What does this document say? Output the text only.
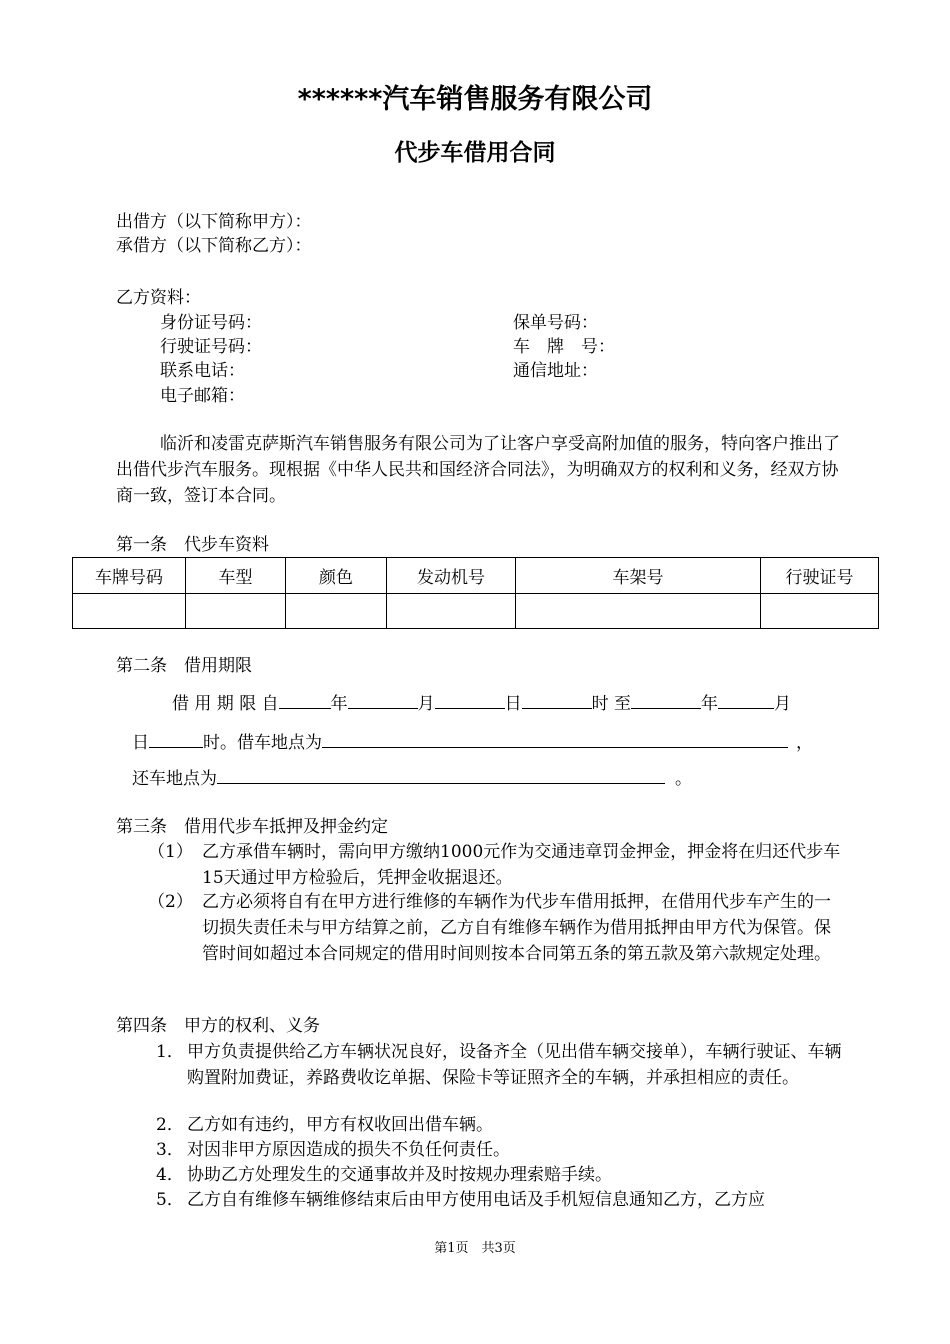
******汽车销售服务有限公司
代步车借用合同
出借方（以下简称甲方）：
承借方（以下简称乙方）：
乙方资料：
身份证号码：	保单号码：
行驶证号码：	车　牌　号：
联系电话：	通信地址：
电子邮箱：
临沂和凌雷克萨斯汽车销售服务有限公司为了让客户享受高附加值的服务，特向客户推出了出借代步汽车服务。现根据《中华人民共和国经济合同法》，为明确双方的权利和义务，经双方协商一致，签订本合同。
第一条　代步车资料
车牌号码	车型	颜色	发动机号	车架号	行驶证号

第二条　借用期限
借 用 期 限 自	年	月	日	时 至	年	月
日	时。借车地点为	，
还车地点为	。
第三条　借用代步车抵押及押金约定
（1） 乙方承借车辆时，需向甲方缴纳1000元作为交通违章罚金押金，押金将在归还代步车15天通过甲方检验后，凭押金收据退还。
（2） 乙方必须将自有在甲方进行维修的车辆作为代步车借用抵押，在借用代步车产生的一切损失责任未与甲方结算之前，乙方自有维修车辆作为借用抵押由甲方代为保管。保管时间如超过本合同规定的借用时间则按本合同第五条的第五款及第六款规定处理。
第四条　甲方的权利、义务
1． 甲方负责提供给乙方车辆状况良好，设备齐全（见出借车辆交接单），车辆行驶证、车辆购置附加费证，养路费收讫单据、保险卡等证照齐全的车辆，并承担相应的责任。
2． 乙方如有违约，甲方有权收回出借车辆。
3． 对因非甲方原因造成的损失不负任何责任。
4． 协助乙方处理发生的交通事故并及时按规办理索赔手续。
5． 乙方自有维修车辆维修结束后由甲方使用电话及手机短信息通知乙方，乙方应
第1页　共3页
